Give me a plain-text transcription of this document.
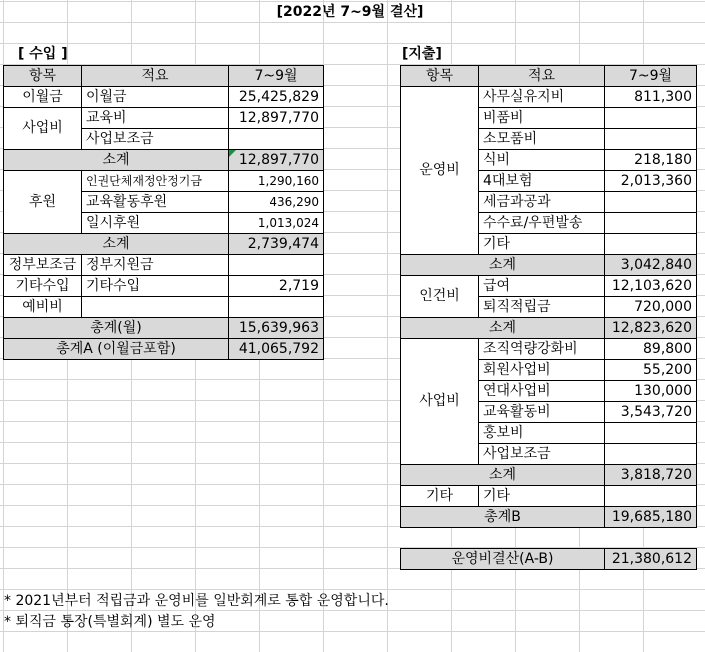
[2022년 7~9월 결산]
[ 수입 ]
항목	적요	7~9월
이월금	이월금	25,425,829
사업비	교육비	12,897,770
	사업보조금	
소계		12,897,770
후원	인권단체재정안정기금	1,290,160
	교육활동후원	436,290
	일시후원	1,013,024
소계		2,739,474
정부보조금	정부지원금	
기타수입	기타수입	2,719
예비비		
총계(월)		15,639,963
총계A (이월금포함)		41,065,792
[지출]
항목	적요	7~9월
운영비	사무실유지비	811,300
	비품비	
	소모품비	
	식비	218,180
	4대보험	2,013,360
	세금과공과	
	수수료/우편발송	
	기타	
소계		3,042,840
인건비	급여	12,103,620
	퇴직적립금	720,000
소계		12,823,620
사업비	조직역량강화비	89,800
	회원사업비	55,200
	연대사업비	130,000
	교육활동비	3,543,720
	홍보비	
	사업보조금	
소계		3,818,720
기타	기타	
총계B		19,685,180
운영비결산(A-B)	21,380,612
* 2021년부터 적립금과 운영비를 일반회계로 통합 운영합니다.
* 퇴직금 통장(특별회계) 별도 운영
